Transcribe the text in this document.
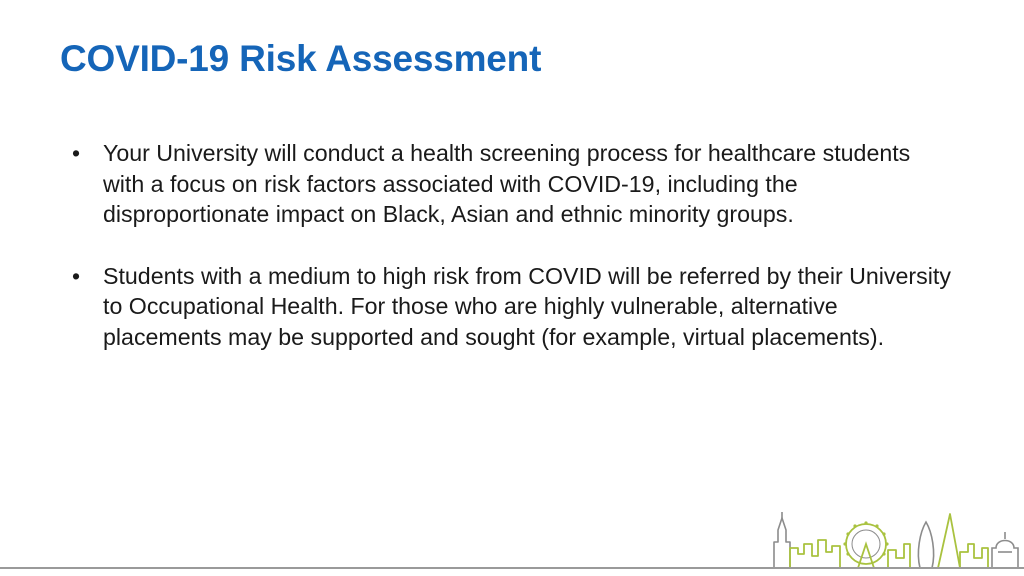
COVID-19 Risk Assessment
• Your University will conduct a health screening process for healthcare students with a focus on risk factors associated with COVID-19, including the disproportionate impact on Black, Asian and ethnic minority groups.
• Students with a medium to high risk from COVID will be referred by their University to Occupational Health. For those who are highly vulnerable, alternative placements may be supported and sought (for example, virtual placements).
